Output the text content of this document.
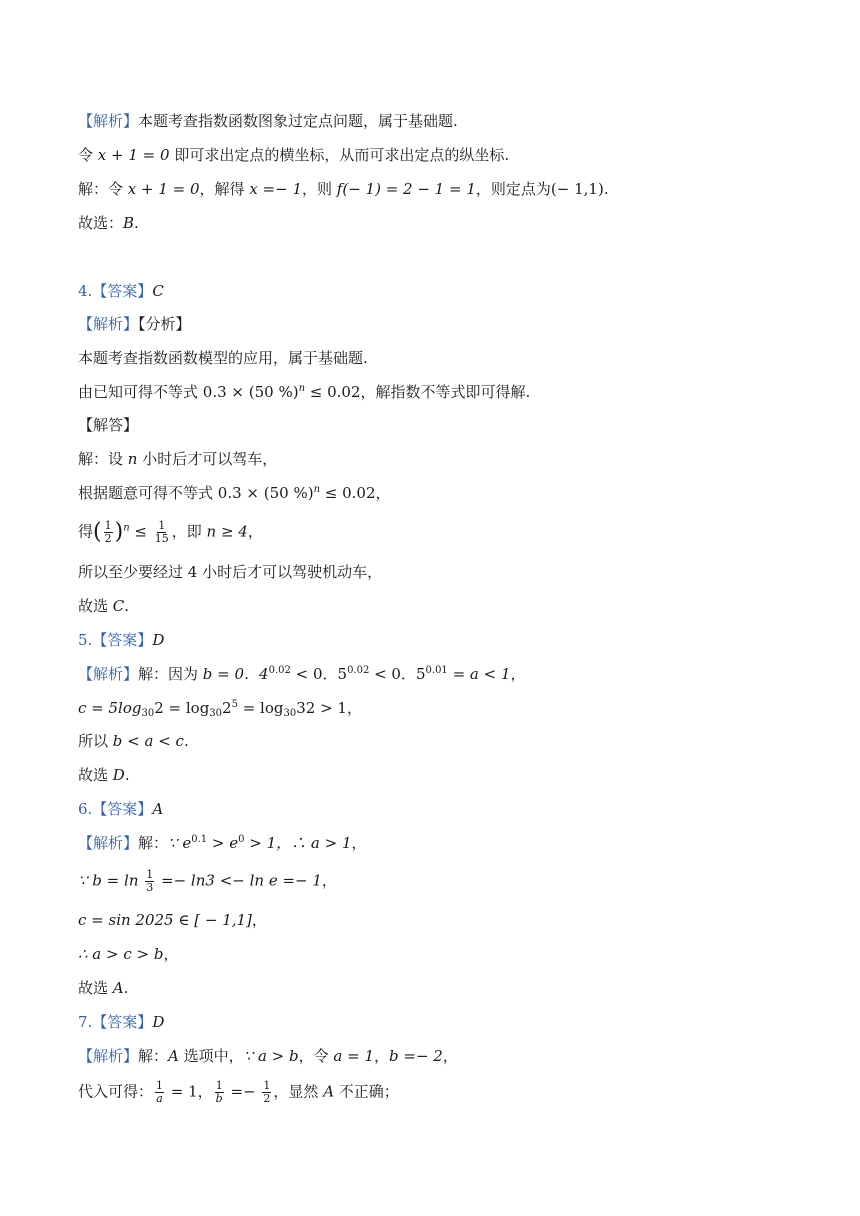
【解析】本题考查指数函数图象过定点问题，属于基础题.
令 x + 1 = 0 即可求出定点的横坐标，从而可求出定点的纵坐标.
解：令 x + 1 = 0，解得 x =− 1，则 f(− 1) = 2 − 1 = 1，则定点为(− 1,1).
故选：B.
4.【答案】C
【解析】【分析】
本题考查指数函数模型的应用，属于基础题.
由已知可得不等式 0.3 × (50 %)$^n$ ≤ 0.02，解指数不等式即可得解.
【解答】
解：设 n 小时后才可以驾车，
根据题意可得不等式 0.3 × (50 %)$^n$ ≤ 0.02，
得( $\frac{1}{2} )^n \le \frac{1}{15}$ ，即 n ≥ 4，
所以至少要经过 4 小时后才可以驾驶机动车，
故选 C.
5.【答案】D
【解析】解：因为 b = 0．$4^{0.02} < 0$．$5^{0.02} < 0$．$5^{0.01} = a < 1$，
$c = 5\log_{30}2 = \log_{30}2^5 = \log_{30}32 > 1$，
所以 b < a < c.
故选 D.
6.【答案】A
【解析】解：∵ $e^{0.1} > e^0 > 1$，∴ a > 1，
∵ $b = \ln \frac{1}{3} =- \ln 3 <- \ln e =- 1$，
c = sin 2025 ∈ [ − 1,1]，
∴ a > c > b，
故选 A.
7.【答案】D
【解析】解：A 选项中，∵ a > b，令 a = 1，b =− 2，
代入可得： $\frac{1}{a} = 1$， $\frac{1}{b} =- \frac{1}{2}$ ，显然 A 不正确；
